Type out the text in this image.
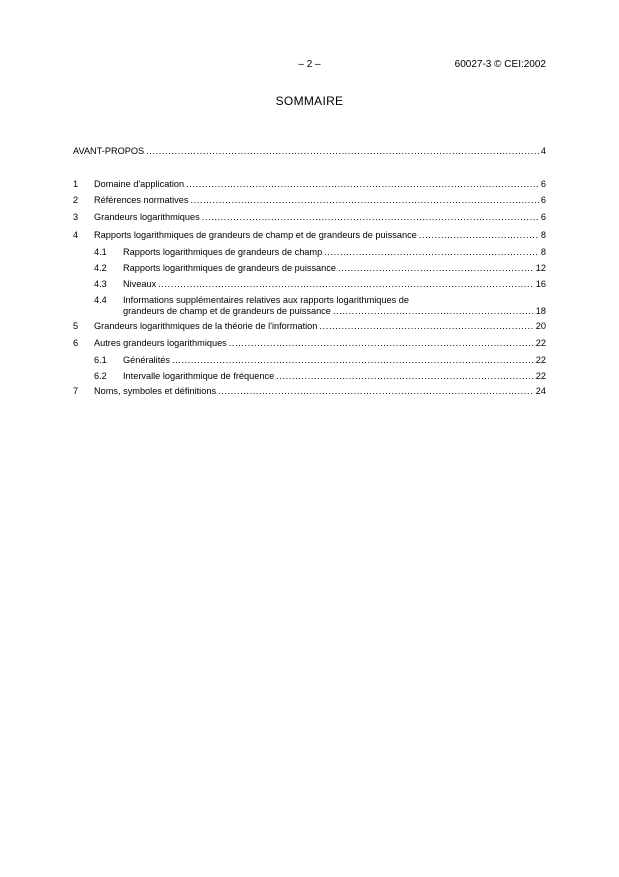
– 2 –	60027-3 © CEI:2002
SOMMAIRE
AVANT-PROPOS .....	4
1	Domaine d'application .....	6
2	Références normatives .....	6
3	Grandeurs logarithmiques .....	6
4	Rapports logarithmiques de grandeurs de champ et de grandeurs de puissance .....	8
4.1	Rapports logarithmiques de grandeurs de champ .....	8
4.2	Rapports logarithmiques de grandeurs de puissance .....	12
4.3	Niveaux .....	16
4.4	Informations supplémentaires relatives aux rapports logarithmiques de
grandeurs de champ et de grandeurs de puissance .....	18
5	Grandeurs logarithmiques de la théorie de l'information .....	20
6	Autres grandeurs logarithmiques .....	22
6.1	Généralités .....	22
6.2	Intervalle logarithmique de fréquence .....	22
7	Noms, symboles et définitions .....	24
